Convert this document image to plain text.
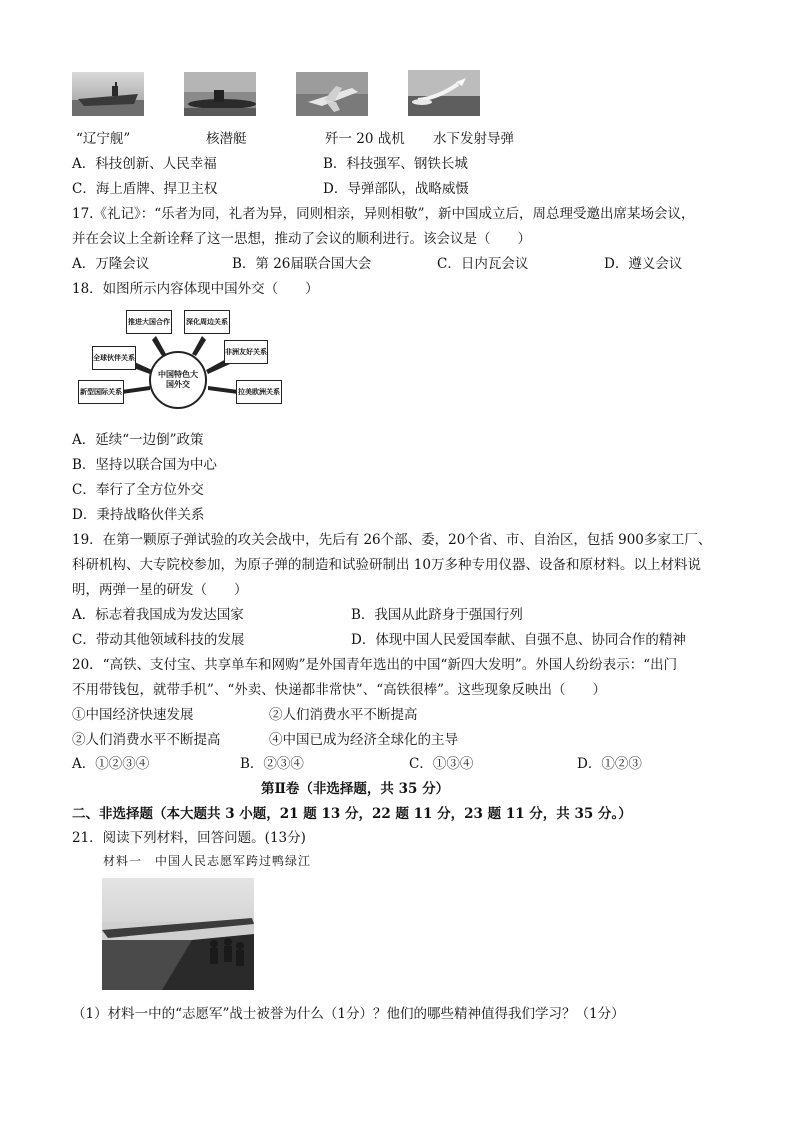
“辽宁舰”	核潜艇	歼一 20 战机 水下发射导弹
A．科技创新、人民幸福	B．科技强军、钢铁长城
C．海上盾牌、捍卫主权	D．导弹部队，战略威慑
17.《礼记》：“乐者为同，礼者为异，同则相亲，异则相敬”，新中国成立后，周总理受邀出席某场会议，
并在会议上全新诠释了这一思想，推动了会议的顺利进行。该会议是（　　）
A．万隆会议	B．第 26届联合国大会	C．日内瓦会议	D．遵义会议
18．如图所示内容体现中国外交（　　）
推进大国合作 深化周边关系
全球伙伴关系
非洲友好关系
新型国际关系	拉美欧洲关系
中国特色大国外交
A．延续“一边倒”政策
B．坚持以联合国为中心
C．奉行了全方位外交
D．秉持战略伙伴关系
19．在第一颗原子弹试验的攻关会战中，先后有 26个部、委，20个省、市、自治区，包括 900多家工厂、
科研机构、大专院校参加，为原子弹的制造和试验研制出 10万多种专用仪器、设备和原材料。以上材料说
明，两弹一星的研发（　　）
A．标志着我国成为发达国家	B．我国从此跻身于强国行列
C．带动其他领域科技的发展	D．体现中国人民爱国奉献、自强不息、协同合作的精神
20．“高铁、支付宝、共享单车和网购”是外国青年选出的中国“新四大发明”。外国人纷纷表示：“出门
不用带钱包，就带手机”、“外卖、快递都非常快”、“高铁很棒”。这些现象反映出（　　）
①中国经济快速发展	②人们消费水平不断提高
②人们消费水平不断提高	④中国已成为经济全球化的主导
A．①②③④	B．②③④	C．①③④	D．①②③
第Ⅱ卷（非选择题，共 35 分）
二、非选择题（本大题共 3 小题，21 题 13 分，22 题 11 分，23 题 11 分，共 35 分。）
21．阅读下列材料，回答问题。(13分)
材料一　中国人民志愿军跨过鸭绿江
（1）材料一中的“志愿军”战士被誉为什么（1分）？他们的哪些精神值得我们学习？（1分）
